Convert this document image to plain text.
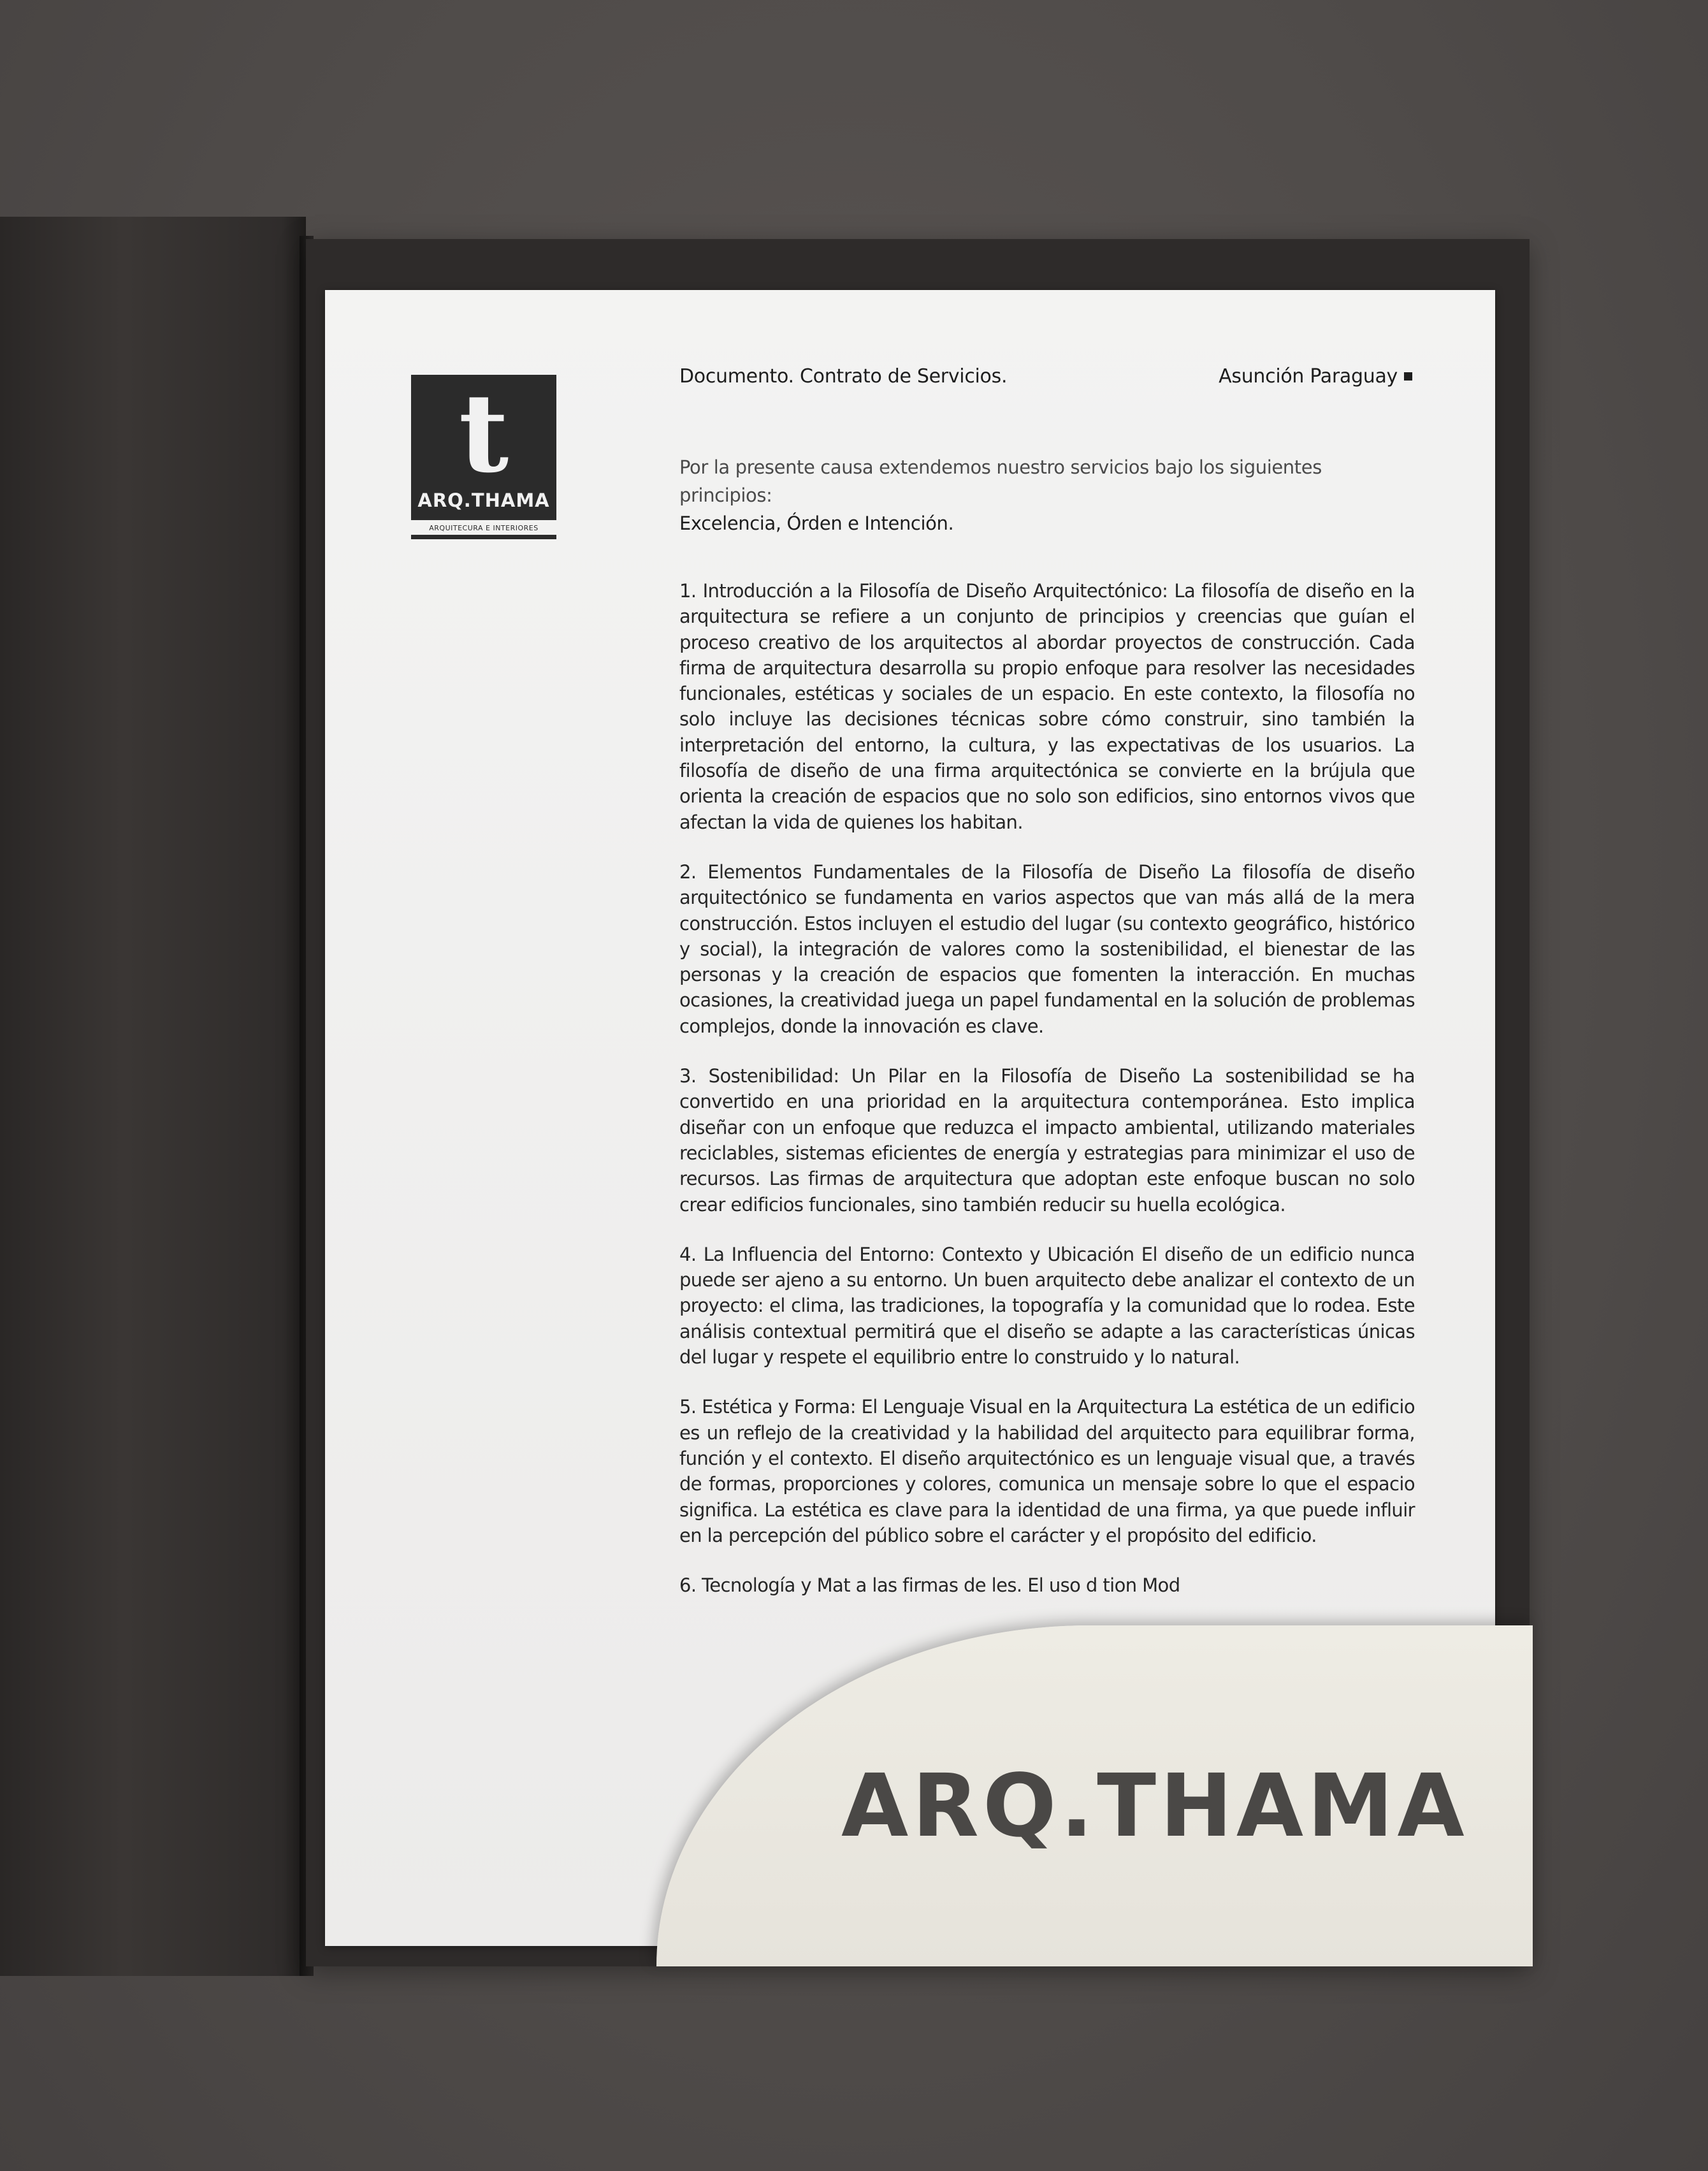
t
ARQ.THAMA
ARQUITECURA E INTERIORES
Documento. Contrato de Servicios.	Asunción Paraguay
Por la presente causa extendemos nuestro servicios bajo los siguientes principios:
Excelencia, Órden e Intención.

1. Introducción a la Filosofía de Diseño Arquitectónico: La filosofía de diseño en la arquitectura se refiere a un conjunto de principios y creencias que guían el proceso creativo de los arquitectos al abordar proyectos de construcción. Cada firma de arquitectura desarrolla su propio enfoque para resolver las necesidades funcionales, estéticas y sociales de un espacio. En este contexto, la filosofía no solo incluye las decisiones técnicas sobre cómo construir, sino también la interpretación del entorno, la cultura, y las expectativas de los usuarios. La filosofía de diseño de una firma arquitectónica se convierte en la brújula que orienta la creación de espacios que no solo son edificios, sino entornos vivos que afectan la vida de quienes los habitan.

2. Elementos Fundamentales de la Filosofía de Diseño La filosofía de diseño arquitectónico se fundamenta en varios aspectos que van más allá de la mera construcción. Estos incluyen el estudio del lugar (su contexto geográfico, histórico y social), la integración de valores como la sostenibilidad, el bienestar de las personas y la creación de espacios que fomenten la interacción. En muchas ocasiones, la creatividad juega un papel fundamental en la solución de problemas complejos, donde la innovación es clave.

3. Sostenibilidad: Un Pilar en la Filosofía de Diseño La sostenibilidad se ha convertido en una prioridad en la arquitectura contemporánea. Esto implica diseñar con un enfoque que reduzca el impacto ambiental, utilizando materiales reciclables, sistemas eficientes de energía y estrategias para minimizar el uso de recursos. Las firmas de arquitectura que adoptan este enfoque buscan no solo crear edificios funcionales, sino también reducir su huella ecológica.

4. La Influencia del Entorno: Contexto y Ubicación El diseño de un edificio nunca puede ser ajeno a su entorno. Un buen arquitecto debe analizar el contexto de un proyecto: el clima, las tradiciones, la topografía y la comunidad que lo rodea. Este análisis contextual permitirá que el diseño se adapte a las características únicas del lugar y respete el equilibrio entre lo construido y lo natural.

5. Estética y Forma: El Lenguaje Visual en la Arquitectura La estética de un edificio es un reflejo de la creatividad y la habilidad del arquitecto para equilibrar forma, función y el contexto. El diseño arquitectónico es un lenguaje visual que, a través de formas, proporciones y colores, comunica un mensaje sobre lo que el espacio significa. La estética es clave para la identidad de una firma, ya que puede influir en la percepción del público sobre el carácter y el propósito del edificio.

6. Tecnología y Mat a las firmas de les. El uso d tion Mod

ARQ.THAMA
